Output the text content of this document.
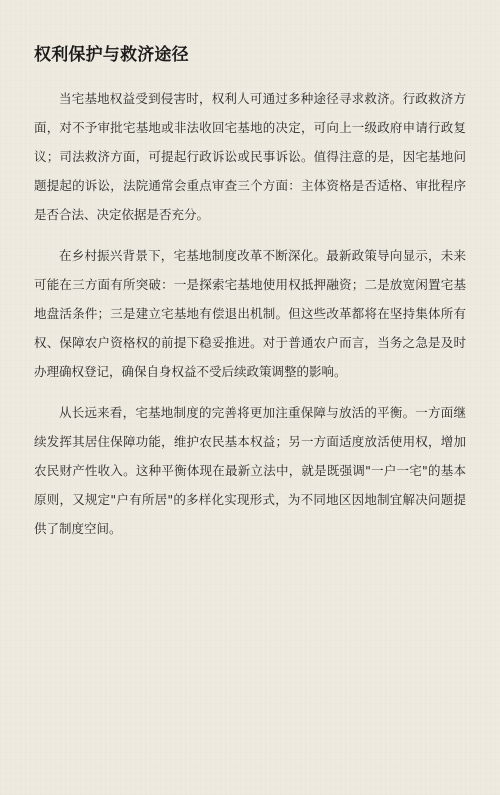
权利保护与救济途径

当宅基地权益受到侵害时，权利人可通过多种途径寻求救济。行政救济方面，对不予审批宅基地或非法收回宅基地的决定，可向上一级政府申请行政复议；司法救济方面，可提起行政诉讼或民事诉讼。值得注意的是，因宅基地问题提起的诉讼，法院通常会重点审查三个方面：主体资格是否适格、审批程序是否合法、决定依据是否充分。

在乡村振兴背景下，宅基地制度改革不断深化。最新政策导向显示，未来可能在三方面有所突破：一是探索宅基地使用权抵押融资；二是放宽闲置宅基地盘活条件；三是建立宅基地有偿退出机制。但这些改革都将在坚持集体所有权、保障农户资格权的前提下稳妥推进。对于普通农户而言，当务之急是及时办理确权登记，确保自身权益不受后续政策调整的影响。

从长远来看，宅基地制度的完善将更加注重保障与放活的平衡。一方面继续发挥其居住保障功能，维护农民基本权益；另一方面适度放活使用权，增加农民财产性收入。这种平衡体现在最新立法中，就是既强调"一户一宅"的基本原则，又规定"户有所居"的多样化实现形式，为不同地区因地制宜解决问题提供了制度空间。
